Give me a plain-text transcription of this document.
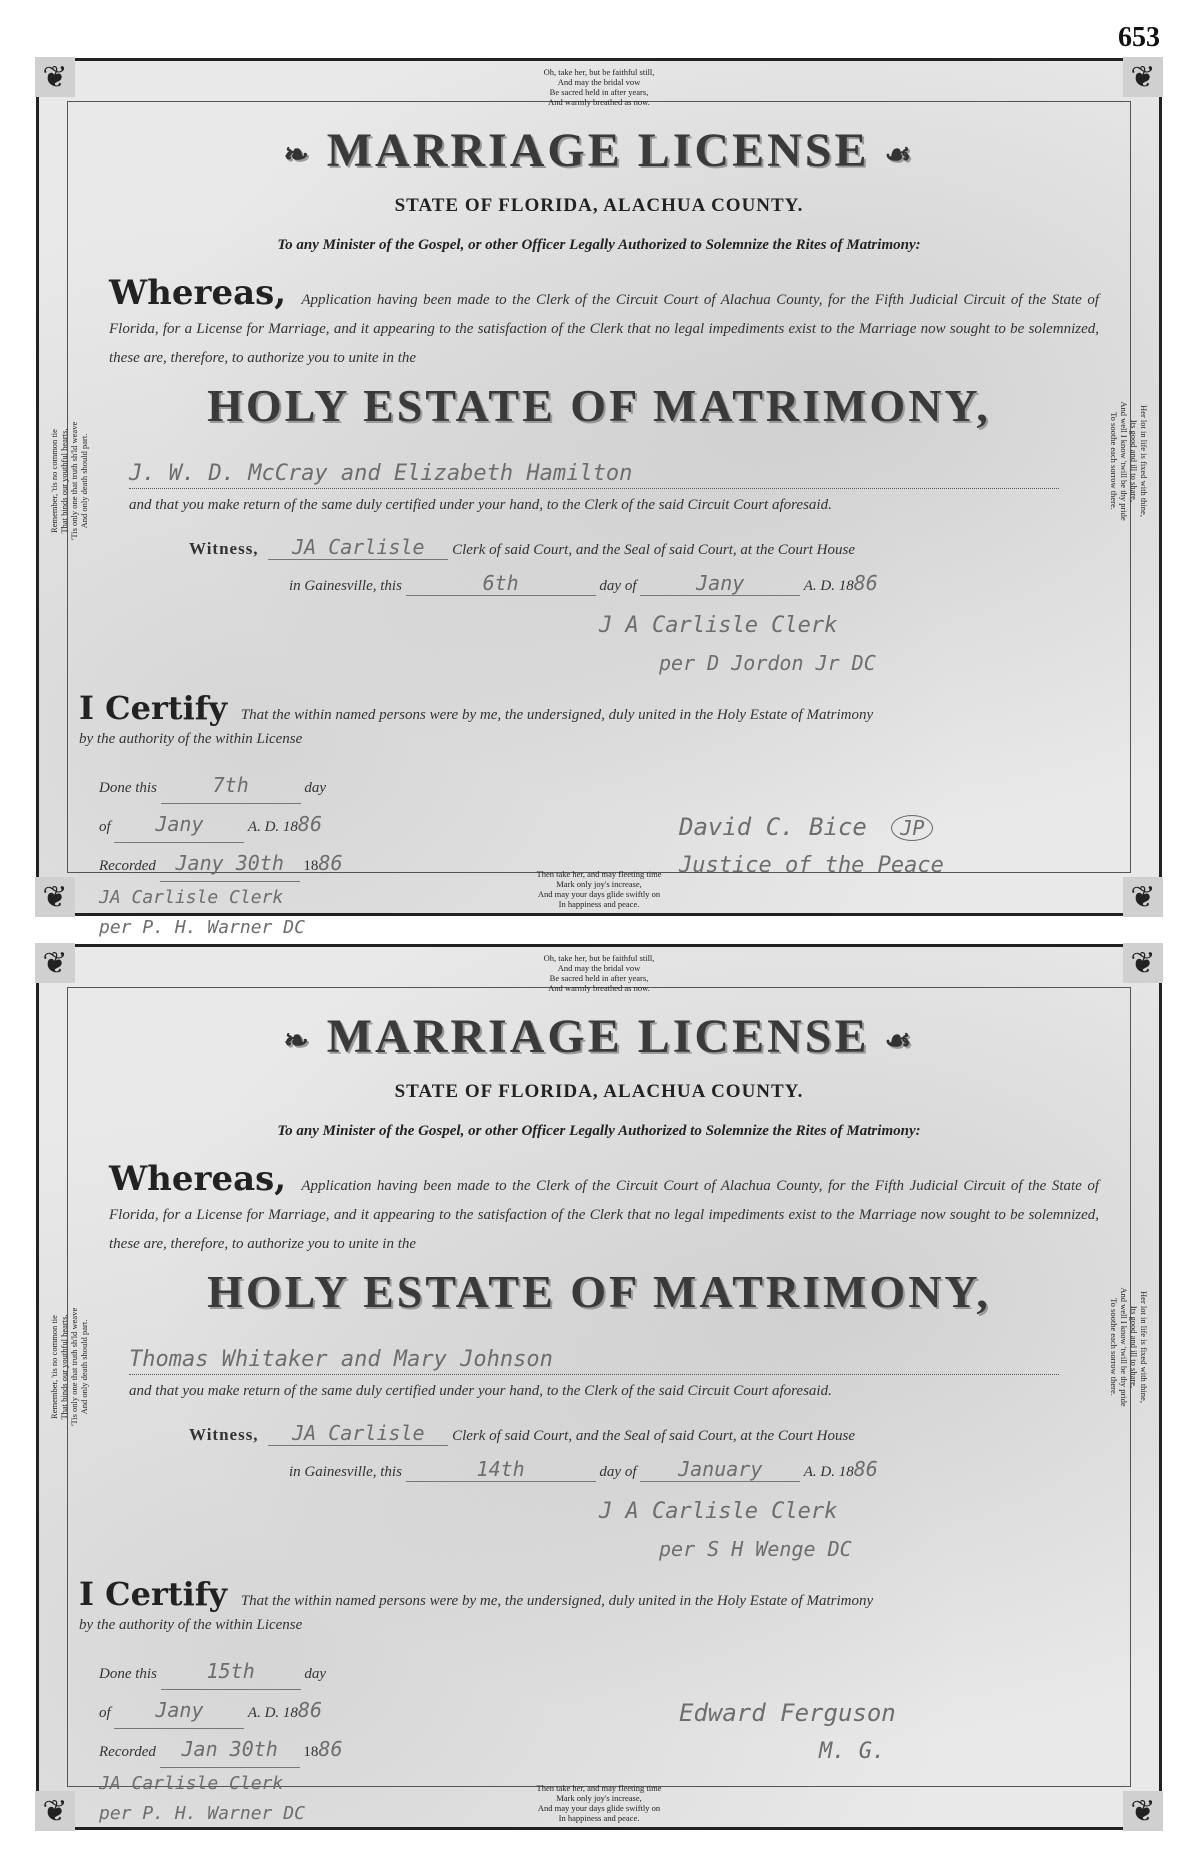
653
❦	❦
❦	❦
Oh, take her, but be faithful still,
And may the bridal vow
Be sacred held in after years,
And warmly breathed as now.
Remember, 'tis no common tie That binds our youthful hearts, 'Tis only one that truth sh'ld weave And only death should part.	Her lot in life is fixed with thine,
Its good and ill to share,
And well I know 'twill be thy pride
To soothe each sorrow there.
❧ MARRIAGE LICENSE ☙
STATE OF FLORIDA, ALACHUA COUNTY.
To any Minister of the Gospel, or other Officer Legally Authorized to Solemnize the Rites of Matrimony:
Whereas, Application having been made to the Clerk of the Circuit Court of Alachua County, for the Fifth Judicial Circuit of the State of Florida, for a License for Marriage, and it appearing to the satisfaction of the Clerk that no legal impediments exist to the Marriage now sought to be solemnized, these are, therefore, to authorize you to unite in the
HOLY ESTATE OF MATRIMONY,
J. W. D. McCray and Elizabeth Hamilton
and that you make return of the same duly certified under your hand, to the Clerk of the said Circuit Court aforesaid.
Witness, JA Carlisle Clerk of said Court, and the Seal of said Court, at the Court House
in Gainesville, this	6th	day of	Jany	A. D. 1886
J A Carlisle Clerk
per D Jordon Jr DC
I Certify That the within named persons were by me, the undersigned, duly united in the Holy Estate of Matrimony
by the authority of the within License
Done this	7th	day
of Jany	A. D. 1886
Recorded Jany 30th 1886
David C. Bice JP
Justice of the Peace
JA Carlisle Clerk
per P. H. Warner DC
Then take her, and may fleeting time
Mark only joy's increase,
And may your days glide swiftly on
In happiness and peace.
❦	❦
❦	❦
Oh, take her, but be faithful still,
And may the bridal vow
Be sacred held in after years,
And warmly breathed as now.
Remember, 'tis no common tie That binds our youthful hearts, 'Tis only one that truth sh'ld weave And only death should part.	Her lot in life is fixed with thine,
Its good and ill to share,
And well I know 'twill be thy pride
To soothe each sorrow there.
❧ MARRIAGE LICENSE ☙
STATE OF FLORIDA, ALACHUA COUNTY.
To any Minister of the Gospel, or other Officer Legally Authorized to Solemnize the Rites of Matrimony:
Whereas, Application having been made to the Clerk of the Circuit Court of Alachua County, for the Fifth Judicial Circuit of the State of Florida, for a License for Marriage, and it appearing to the satisfaction of the Clerk that no legal impediments exist to the Marriage now sought to be solemnized, these are, therefore, to authorize you to unite in the
HOLY ESTATE OF MATRIMONY,
Thomas Whitaker and Mary Johnson
and that you make return of the same duly certified under your hand, to the Clerk of the said Circuit Court aforesaid.
Witness, JA Carlisle Clerk of said Court, and the Seal of said Court, at the Court House
in Gainesville, this	14th	day of January	A. D. 1886
J A Carlisle Clerk
per S H Wenge DC
I Certify That the within named persons were by me, the undersigned, duly united in the Holy Estate of Matrimony
by the authority of the within License
Done this 15th	day
of Jany	A. D. 1886
Recorded Jan 30th 1886
Edward Ferguson
M. G.
JA Carlisle Clerk
per P. H. Warner DC
Then take her, and may fleeting time
Mark only joy's increase,
And may your days glide swiftly on
In happiness and peace.
